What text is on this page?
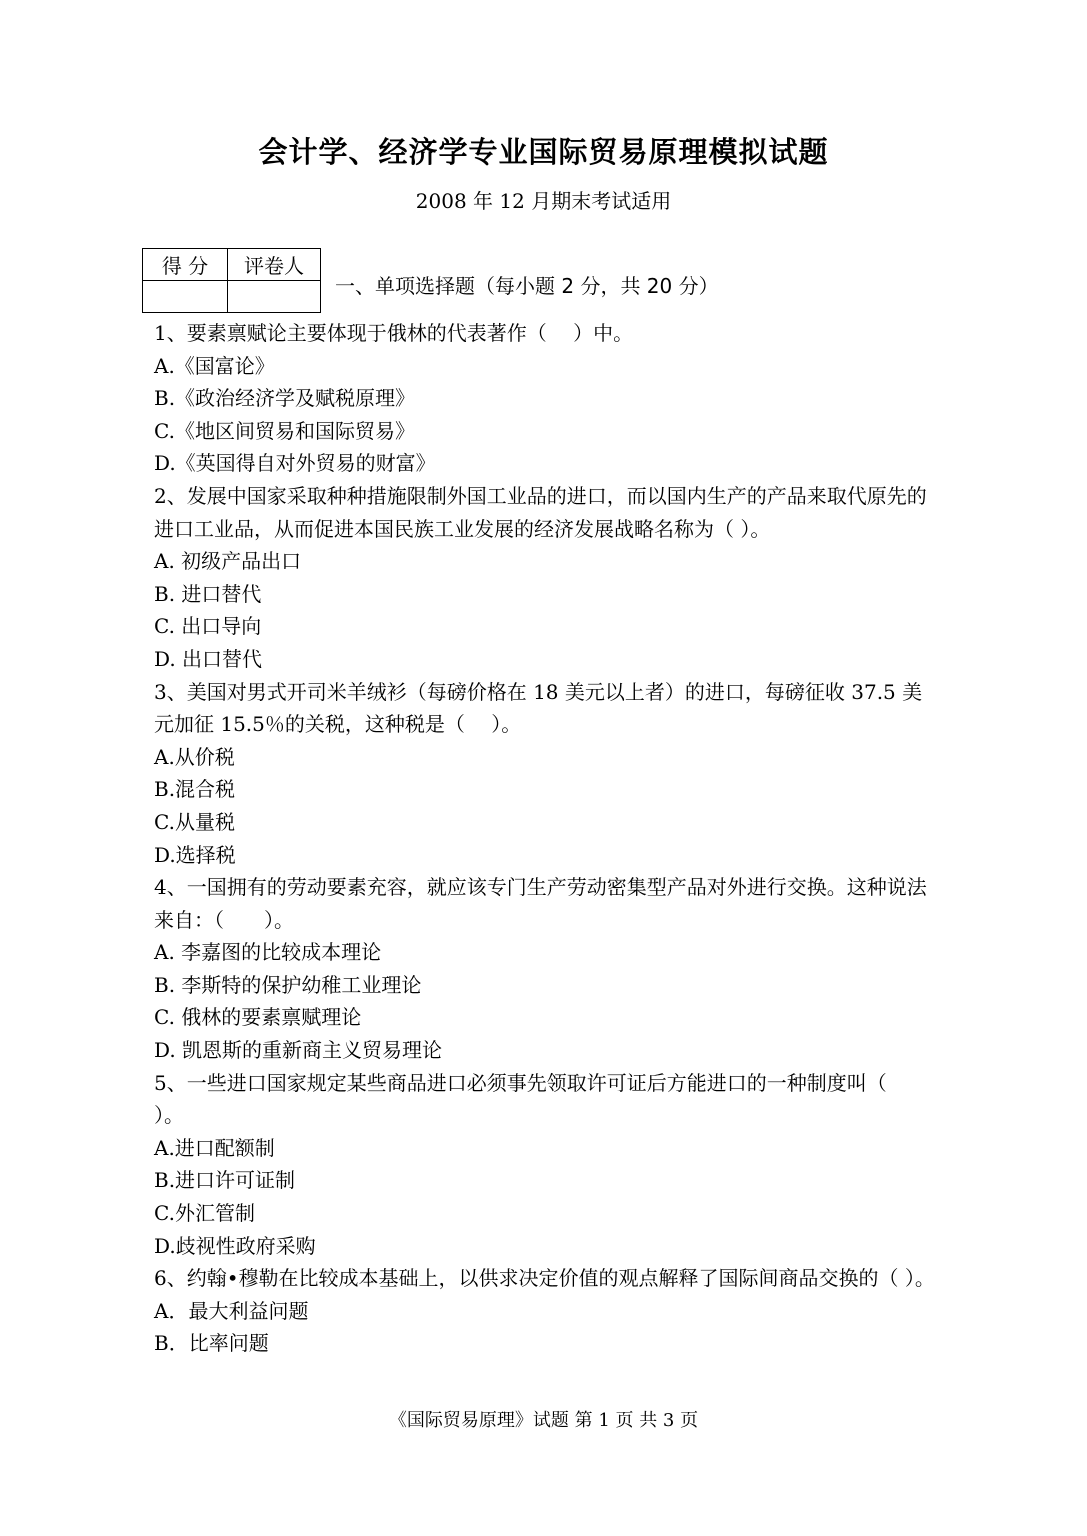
会计学、经济学专业国际贸易原理模拟试题
2008 年 12 月期末考试适用
得 分	评卷人

一、单项选择题（每小题 2 分，共 20 分）
1、要素禀赋论主要体现于俄林的代表著作（　 ）中。
A.《国富论》
B.《政治经济学及赋税原理》
C.《地区间贸易和国际贸易》
D.《英国得自对外贸易的财富》
2、发展中国家采取种种措施限制外国工业品的进口，而以国内生产的产品来取代原先的进口工业品，从而促进本国民族工业发展的经济发展战略名称为（ ）。
A. 初级产品出口
B. 进口替代
C. 出口导向
D. 出口替代
3、美国对男式开司米羊绒衫（每磅价格在 18 美元以上者）的进口，每磅征收 37.5 美元加征 15.5％的关税，这种税是（　 ）。
A.从价税
B.混合税
C.从量税
D.选择税
4、一国拥有的劳动要素充容，就应该专门生产劳动密集型产品对外进行交换。这种说法来自：（　　）。
A. 李嘉图的比较成本理论
B. 李斯特的保护幼稚工业理论
C. 俄林的要素禀赋理论
D. 凯恩斯的重新商主义贸易理论
5、一些进口国家规定某些商品进口必须事先领取许可证后方能进口的一种制度叫（　 ）。
A.进口配额制
B.进口许可证制
C.外汇管制
D.歧视性政府采购
6、约翰•穆勒在比较成本基础上，以供求决定价值的观点解释了国际间商品交换的（ ）。
A．最大利益问题
B．比率问题
《国际贸易原理》试题 第 1 页 共 3 页
